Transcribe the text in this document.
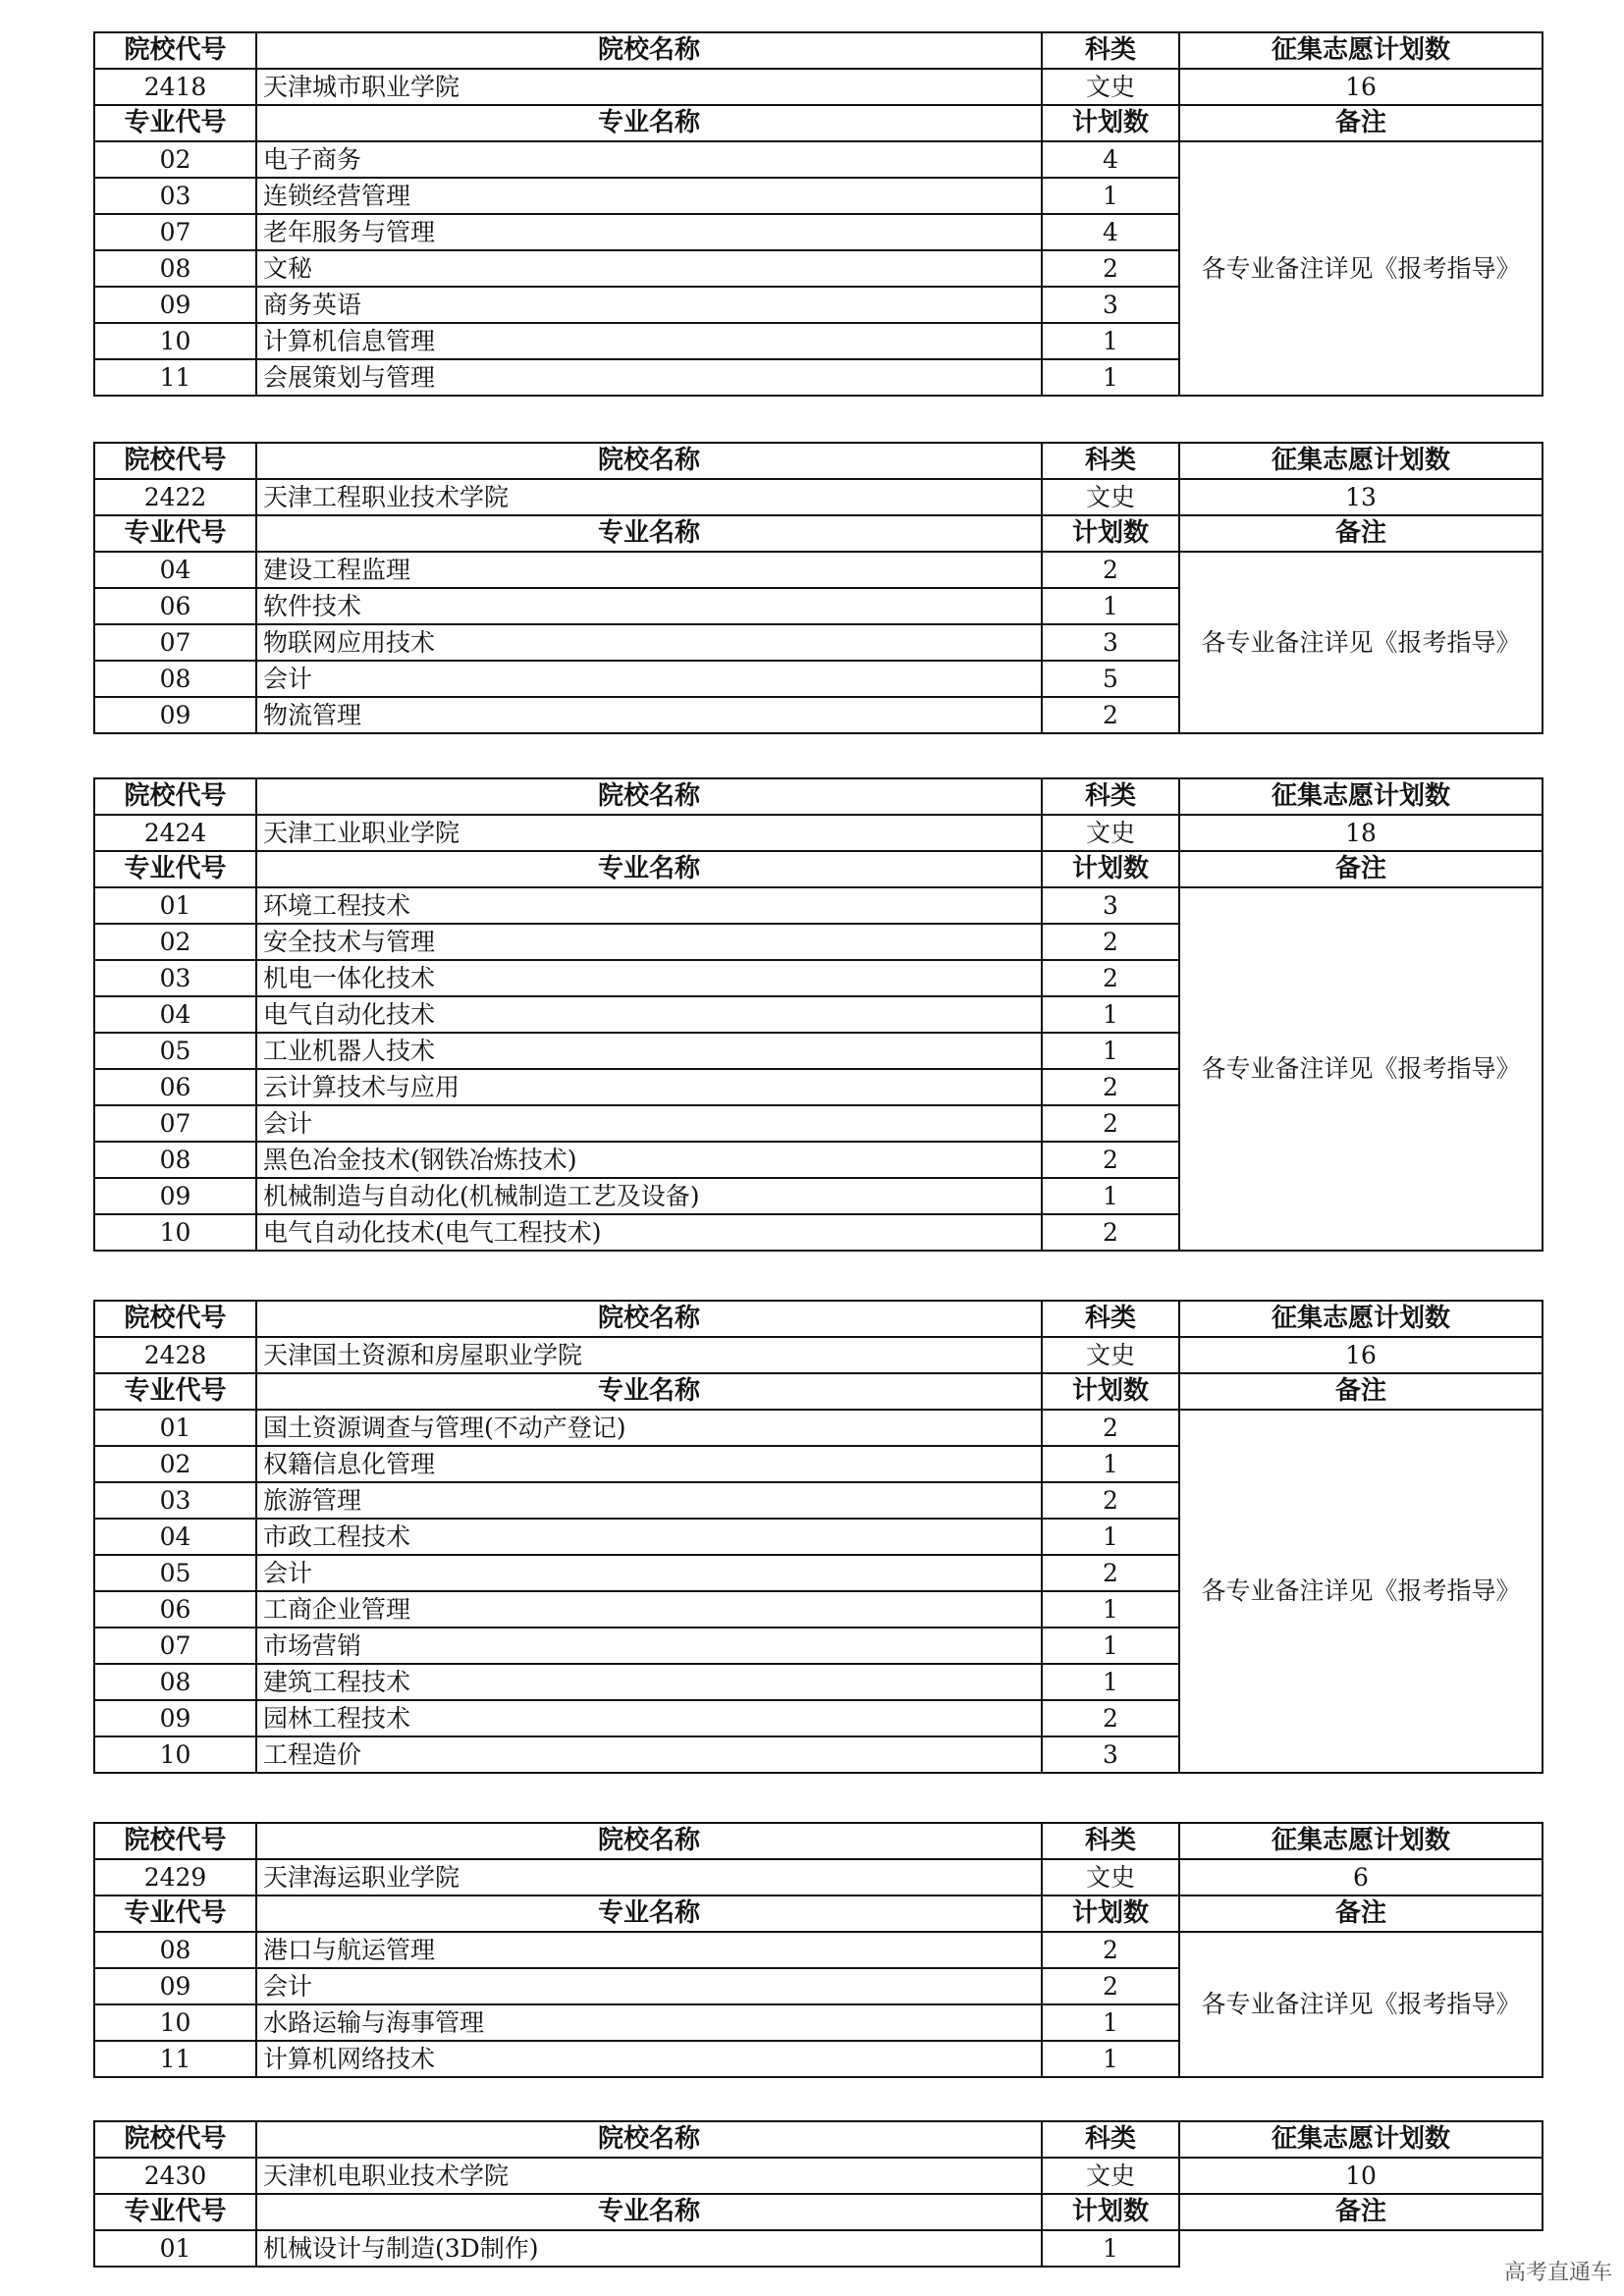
院校代号	院校名称	科类	征集志愿计划数
2418	天津城市职业学院	文史	16
专业代号	专业名称	计划数	备注
02	电子商务	4	各专业备注详见《报考指导》
03	连锁经营管理	1	
07	老年服务与管理	4	
08	文秘	2	
09	商务英语	3	
10	计算机信息管理	1	
11	会展策划与管理	1	
院校代号	院校名称	科类	征集志愿计划数
2422	天津工程职业技术学院	文史	13
专业代号	专业名称	计划数	备注
04	建设工程监理	2	各专业备注详见《报考指导》
06	软件技术	1	
07	物联网应用技术	3	
08	会计	5	
09	物流管理	2	
院校代号	院校名称	科类	征集志愿计划数
2424	天津工业职业学院	文史	18
专业代号	专业名称	计划数	备注
01	环境工程技术	3	各专业备注详见《报考指导》
02	安全技术与管理	2	
03	机电一体化技术	2	
04	电气自动化技术	1	
05	工业机器人技术	1	
06	云计算技术与应用	2	
07	会计	2	
08	黑色冶金技术(钢铁冶炼技术)	2	
09	机械制造与自动化(机械制造工艺及设备)	1	
10	电气自动化技术(电气工程技术)	2	
院校代号	院校名称	科类	征集志愿计划数
2428	天津国土资源和房屋职业学院	文史	16
专业代号	专业名称	计划数	备注
01	国土资源调查与管理(不动产登记)	2	各专业备注详见《报考指导》
02	权籍信息化管理	1	
03	旅游管理	2	
04	市政工程技术	1	
05	会计	2	
06	工商企业管理	1	
07	市场营销	1	
08	建筑工程技术	1	
09	园林工程技术	2	
10	工程造价	3	
院校代号	院校名称	科类	征集志愿计划数
2429	天津海运职业学院	文史	6
专业代号	专业名称	计划数	备注
08	港口与航运管理	2	各专业备注详见《报考指导》
09	会计	2	
10	水路运输与海事管理	1	
11	计算机网络技术	1	
院校代号	院校名称	科类	征集志愿计划数
2430	天津机电职业技术学院	文史	10
专业代号	专业名称	计划数	备注
01	机械设计与制造(3D制作)	1	
高考直通车
